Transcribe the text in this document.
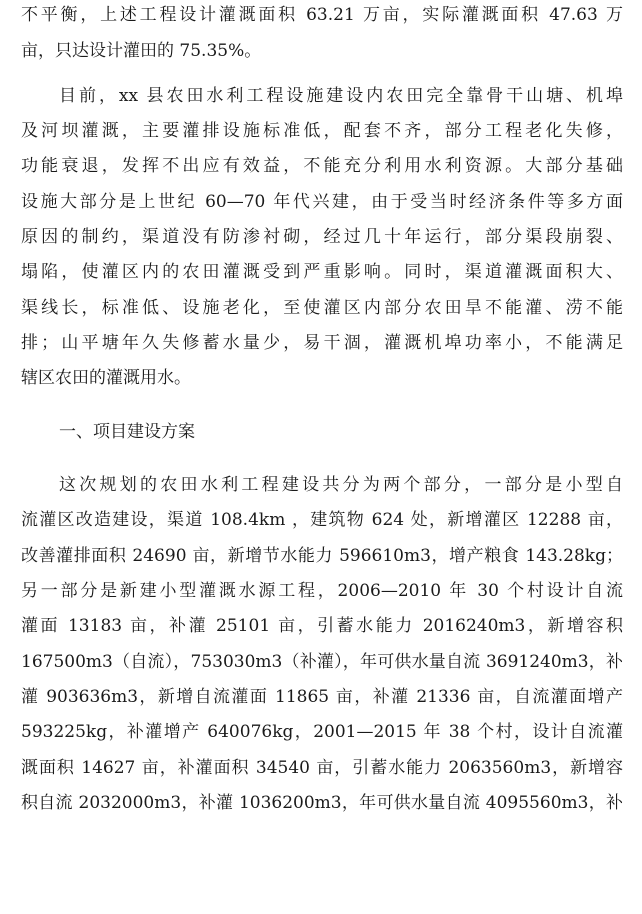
不平衡，上述工程设计灌溉面积 63.21 万亩，实际灌溉面积 47.63 万
亩，只达设计灌田的 75.35%。
目前，xx 县农田水利工程设施建设内农田完全靠骨干山塘、机埠
及河坝灌溉，主要灌排设施标准低，配套不齐，部分工程老化失修，
功能衰退，发挥不出应有效益，不能充分利用水利资源。大部分基础
设施大部分是上世纪 60—70 年代兴建，由于受当时经济条件等多方面
原因的制约，渠道没有防渗衬砌，经过几十年运行，部分渠段崩裂、
塌陷，使灌区内的农田灌溉受到严重影响。同时，渠道灌溉面积大、
渠线长，标准低、设施老化，至使灌区内部分农田旱不能灌、涝不能
排；山平塘年久失修蓄水量少，易干涸，灌溉机埠功率小，不能满足
辖区农田的灌溉用水。
一、项目建设方案
这次规划的农田水利工程建设共分为两个部分，一部分是小型自
流灌区改造建设，渠道 108.4km ，建筑物 624 处，新增灌区 12288 亩，
改善灌排面积 24690 亩，新增节水能力 596610m3，增产粮食 143.28kg；
另一部分是新建小型灌溉水源工程，2006—2010 年 30 个村设计自流
灌面 13183 亩，补灌 25101 亩，引蓄水能力 2016240m3，新增容积
167500m3（自流），753030m3（补灌），年可供水量自流 3691240m3，补
灌 903636m3，新增自流灌面 11865 亩，补灌 21336 亩，自流灌面增产
593225kg，补灌增产 640076kg，2001—2015 年 38 个村，设计自流灌
溉面积 14627 亩，补灌面积 34540 亩，引蓄水能力 2063560m3，新增容
积自流 2032000m3，补灌 1036200m3，年可供水量自流 4095560m3，补
